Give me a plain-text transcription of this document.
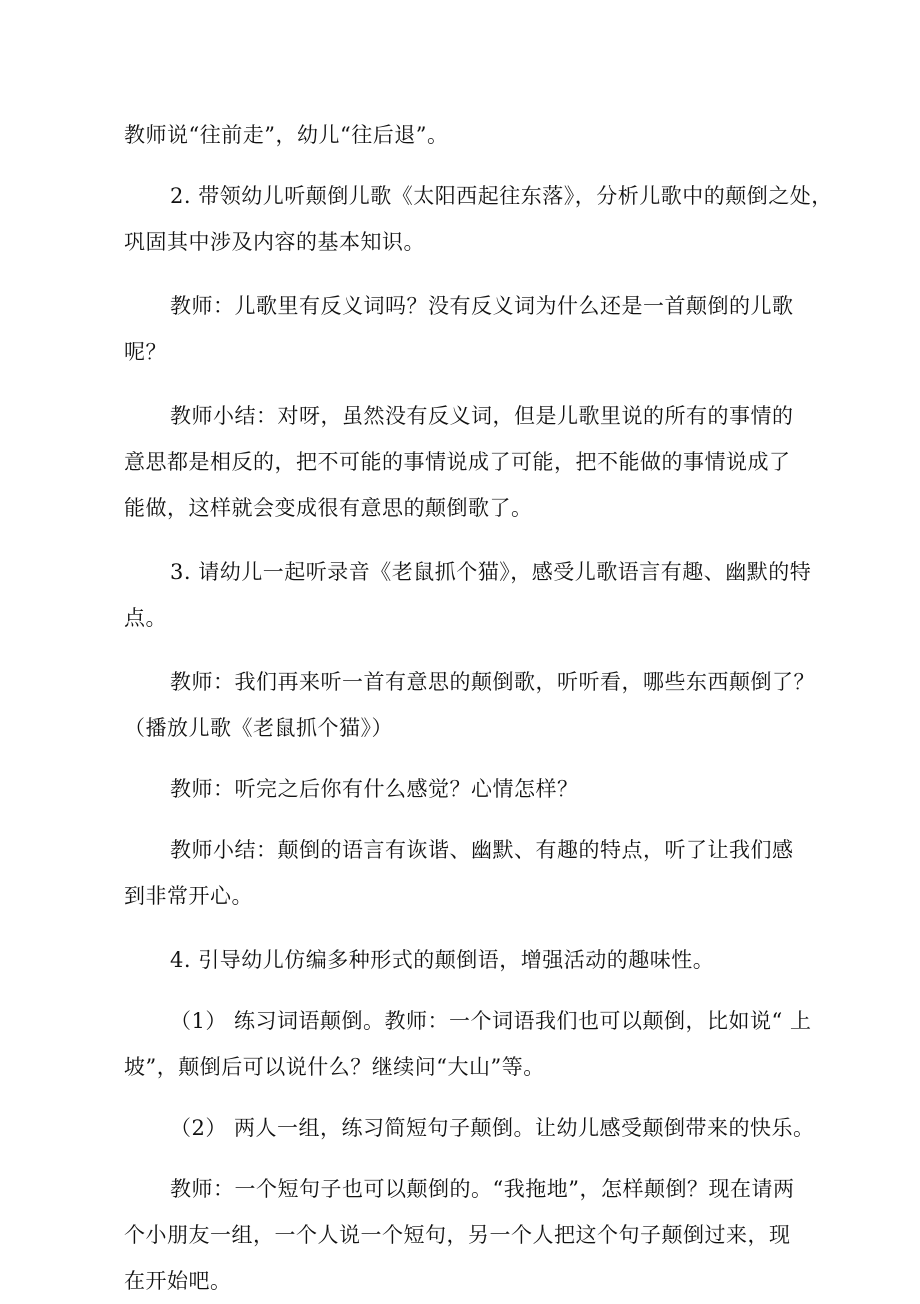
教师说“往前走”，幼儿“往后退”。

2. 带领幼儿听颠倒儿歌《太阳西起往东落》，分析儿歌中的颠倒之处，
巩固其中涉及内容的基本知识。

教师：儿歌里有反义词吗？没有反义词为什么还是一首颠倒的儿歌
呢？

教师小结：对呀，虽然没有反义词，但是儿歌里说的所有的事情的
意思都是相反的，把不可能的事情说成了可能，把不能做的事情说成了
能做，这样就会变成很有意思的颠倒歌了。

3. 请幼儿一起听录音《老鼠抓个猫》，感受儿歌语言有趣、幽默的特
点。

教师：我们再来听一首有意思的颠倒歌，听听看，哪些东西颠倒了？
（播放儿歌《老鼠抓个猫》）

教师：听完之后你有什么感觉？心情怎样？

教师小结：颠倒的语言有诙谐、幽默、有趣的特点，听了让我们感
到非常开心。

4. 引导幼儿仿编多种形式的颠倒语，增强活动的趣味性。

（1） 练习词语颠倒。教师：一个词语我们也可以颠倒，比如说“ 上
坡”，颠倒后可以说什么？继续问“大山”等。

（2） 两人一组，练习简短句子颠倒。让幼儿感受颠倒带来的快乐。

教师：一个短句子也可以颠倒的。“我拖地”，怎样颠倒？现在请两
个小朋友一组，一个人说一个短句，另一个人把这个句子颠倒过来，现
在开始吧。
